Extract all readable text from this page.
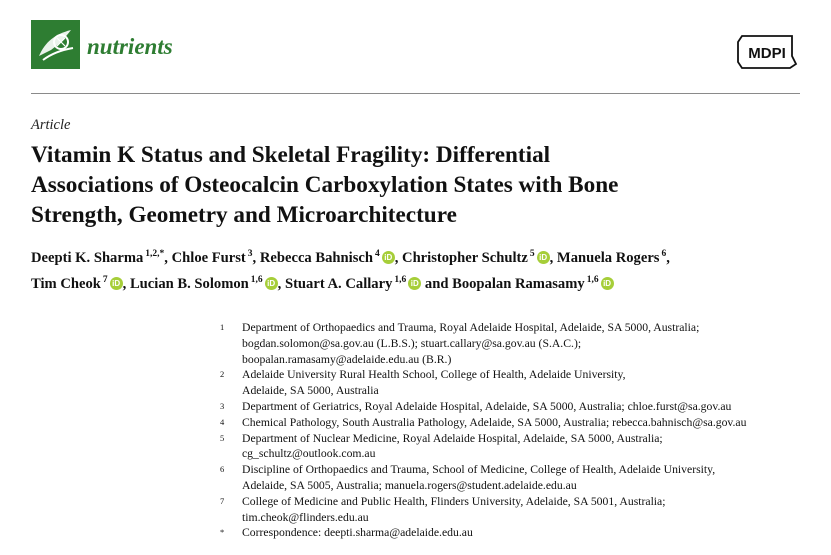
nutrients	MDPI
Article
Vitamin K Status and Skeletal Fragility: Differential
Associations of Osteocalcin Carboxylation States with Bone
Strength, Geometry and Microarchitecture
Deepti K. Sharma $^{1,2,*}$, Chloe Furst $^3$, Rebecca Bahnisch $^4$ iD , Christopher Schultz $^5$ iD , Manuela Rogers $^6$,
Tim Cheok $^7$ iD , Lucian B. Solomon $^{1,6}$ iD , Stuart A. Callary $^{1,6}$ iD and Boopalan Ramasamy $^{1,6}$ iD
1	Department of Orthopaedics and Trauma, Royal Adelaide Hospital, Adelaide, SA 5000, Australia;
bogdan.solomon@sa.gov.au (L.B.S.); stuart.callary@sa.gov.au (S.A.C.);
boopalan.ramasamy@adelaide.edu.au (B.R.)
2	Adelaide University Rural Health School, College of Health, Adelaide University,
Adelaide, SA 5000, Australia
3	Department of Geriatrics, Royal Adelaide Hospital, Adelaide, SA 5000, Australia; chloe.furst@sa.gov.au
4	Chemical Pathology, South Australia Pathology, Adelaide, SA 5000, Australia; rebecca.bahnisch@sa.gov.au
5	Department of Nuclear Medicine, Royal Adelaide Hospital, Adelaide, SA 5000, Australia;
cg_schultz@outlook.com.au
6	Discipline of Orthopaedics and Trauma, School of Medicine, College of Health, Adelaide University,
Adelaide, SA 5005, Australia; manuela.rogers@student.adelaide.edu.au
7	College of Medicine and Public Health, Flinders University, Adelaide, SA 5001, Australia;
tim.cheok@flinders.edu.au
*	Correspondence: deepti.sharma@adelaide.edu.au
